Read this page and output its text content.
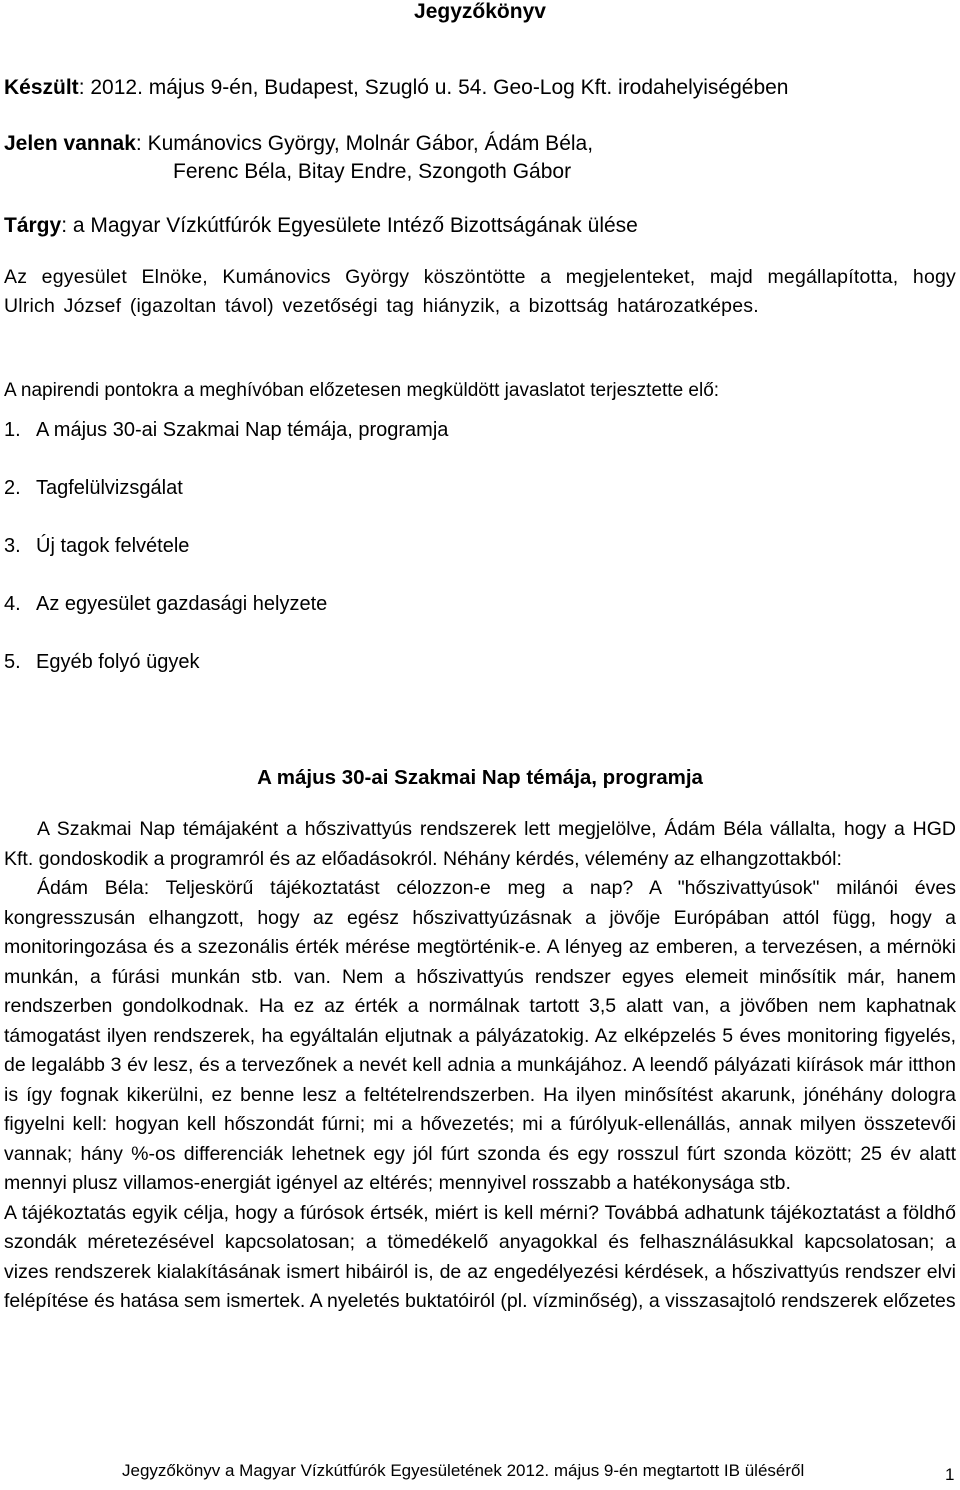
Jegyzőkönyv
Készült: 2012. május 9-én, Budapest, Szugló u. 54. Geo-Log Kft. irodahelyiségében
Jelen vannak: Kumánovics György, Molnár Gábor, Ádám Béla,
Ferenc Béla, Bitay Endre, Szongoth Gábor
Tárgy: a Magyar Vízkútfúrók Egyesülete Intéző Bizottságának ülése
Az egyesület Elnöke, Kumánovics György köszöntötte a megjelenteket, majd megállapította, hogy Ulrich József (igazoltan távol) vezetőségi tag hiányzik, a bizottság határozatképes.
A napirendi pontokra a meghívóban előzetesen megküldött javaslatot terjesztette elő:
1. A május 30-ai Szakmai Nap témája, programja
2. Tagfelülvizsgálat
3. Új tagok felvétele
4. Az egyesület gazdasági helyzete
5. Egyéb folyó ügyek
A május 30-ai Szakmai Nap témája, programja

A Szakmai Nap témájaként a hőszivattyús rendszerek lett megjelölve, Ádám Béla vállalta, hogy a HGD Kft. gondoskodik a programról és az előadásokról. Néhány kérdés, vélemény az elhangzottakból:

Ádám Béla: Teljeskörű tájékoztatást célozzon-e meg a nap? A "hőszivattyúsok" milánói éves kongresszusán elhangzott, hogy az egész hőszivattyúzásnak a jövője Európában attól függ, hogy a monitoringozása és a szezonális érték mérése megtörténik-e. A lényeg az emberen, a tervezésen, a mérnöki munkán, a fúrási munkán stb. van. Nem a hőszivattyús rendszer egyes elemeit minősítik már, hanem rendszerben gondolkodnak. Ha ez az érték a normálnak tartott 3,5 alatt van, a jövőben nem kaphatnak támogatást ilyen rendszerek, ha egyáltalán eljutnak a pályázatokig. Az elképzelés 5 éves monitoring figyelés, de legalább 3 év lesz, és a tervezőnek a nevét kell adnia a munkájához. A leendő pályázati kiírások már itthon is így fognak kikerülni, ez benne lesz a feltételrendszerben. Ha ilyen minősítést akarunk, jónéhány dologra figyelni kell: hogyan kell hőszondát fúrni; mi a hővezetés; mi a fúrólyuk-ellenállás, annak milyen összetevői vannak; hány %-os differenciák lehetnek egy jól fúrt szonda és egy rosszul fúrt szonda között; 25 év alatt mennyi plusz villamos-energiát igényel az eltérés; mennyivel rosszabb a hatékonysága stb.

A tájékoztatás egyik célja, hogy a fúrósok értsék, miért is kell mérni? Továbbá adhatunk tájékoztatást a földhő szondák méretezésével kapcsolatosan; a tömedékelő anyagokkal és felhasználásukkal kapcsolatosan; a vizes rendszerek kialakításának ismert hibáiról is, de az engedélyezési kérdések, a hőszivattyús rendszer elvi felépítése és hatása sem ismertek. A nyeletés buktatóiról (pl. vízminőség), a visszasajtoló rendszerek előzetes

Jegyzőkönyv a Magyar Vízkútfúrók Egyesületének 2012. május 9-én megtartott IB üléséről	1
